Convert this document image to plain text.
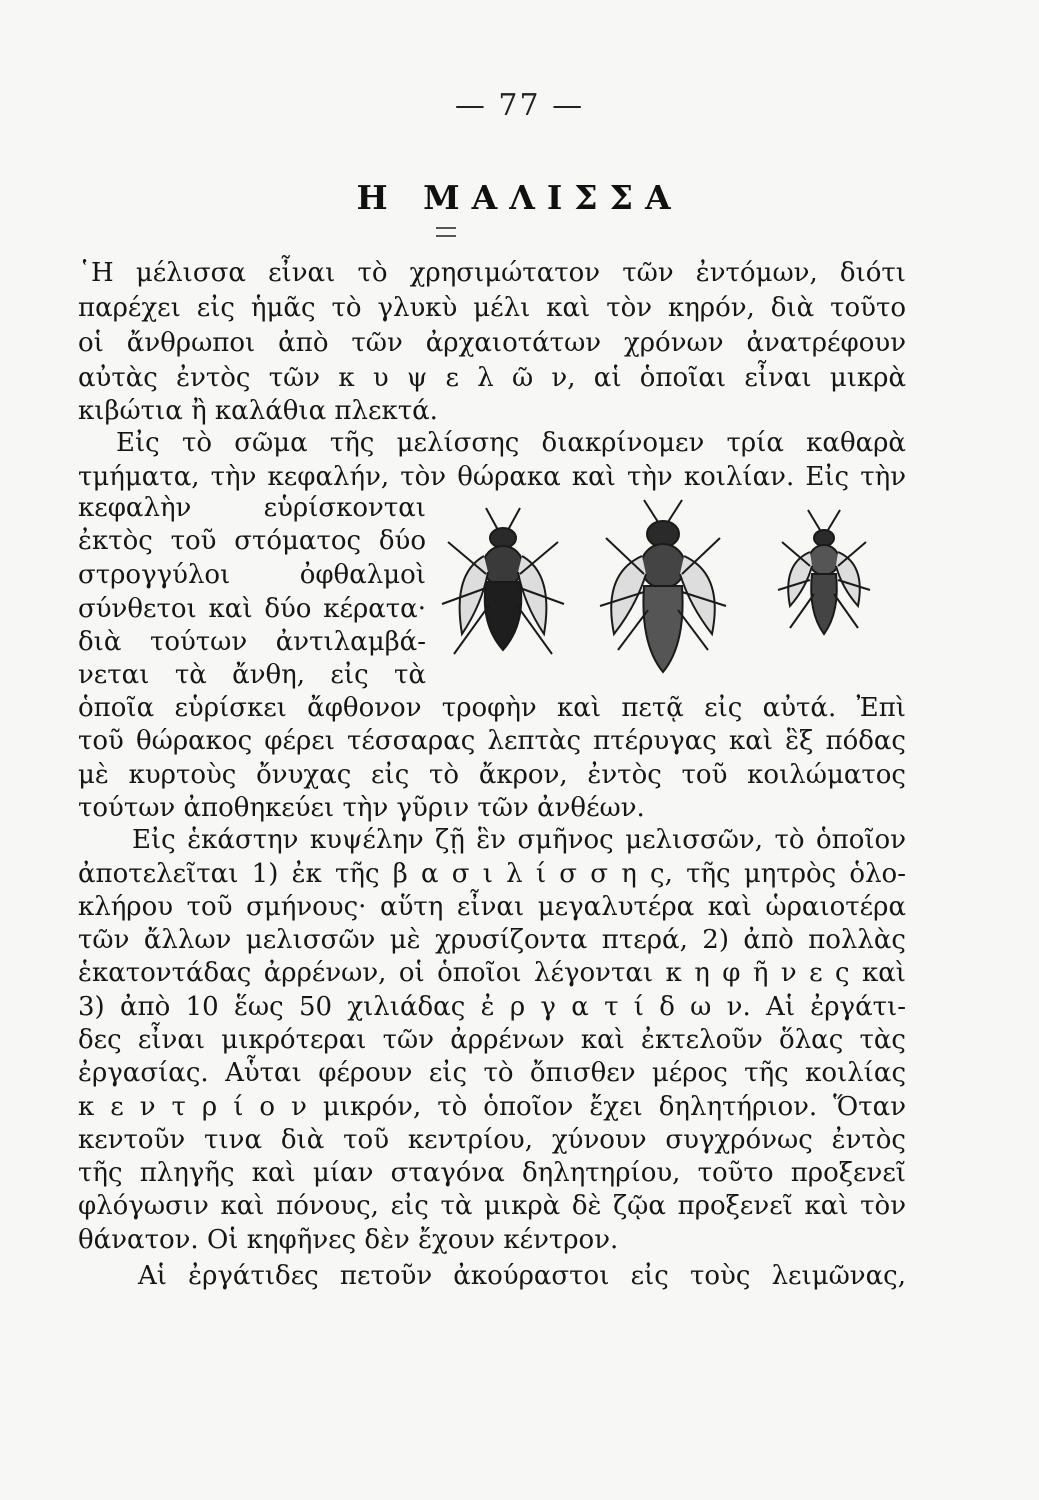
— 77 —
Η ΜΑΛΙΣΣΑ
῾Η μέλισσα εἶναι τὸ χρησιμώτατον τῶν ἐντόμων, διότι
παρέχει εἰς ἡμᾶς τὸ γλυκὺ μέλι καὶ τὸν κηρόν, διὰ τοῦτο
οἱ ἄνθρωποι ἀπὸ τῶν ἀρχαιοτάτων χρόνων ἀνατρέφουν
αὐτὰς ἐντὸς τῶν κ υ ψ ε λ ῶ ν, αἱ ὁποῖαι εἶναι μικρὰ
κιβώτια ἢ καλάθια πλεκτά.
Εἰς τὸ σῶμα τῆς μελίσσης διακρίνομεν τρία καθαρὰ
τμήματα, τὴν κεφαλήν, τὸν θώρακα καὶ τὴν κοιλίαν. Εἰς τὴν
κεφαλὴν εὑρίσκονται
ἐκτὸς τοῦ στόματος δύο
στρογγύλοι ὀφθαλμοὶ
σύνθετοι καὶ δύο κέρατα·
διὰ τούτων ἀντιλαμβά-
νεται τὰ ἄνθη, εἰς τὰ
ὁποῖα εὑρίσκει ἄφθονον τροφὴν καὶ πετᾷ εἰς αὐτά. Ἐπὶ
τοῦ θώρακος φέρει τέσσαρας λεπτὰς πτέρυγας καὶ ἓξ πόδας
μὲ κυρτοὺς ὄνυχας εἰς τὸ ἄκρον, ἐντὸς τοῦ κοιλώματος
τούτων ἀποθηκεύει τὴν γῦριν τῶν ἀνθέων.
Εἰς ἑκάστην κυψέλην ζῇ ἓν σμῆνος μελισσῶν, τὸ ὁποῖον
ἀποτελεῖται 1) ἐκ τῆς β α σ ι λ ί σ σ η ς, τῆς μητρὸς ὁλο-
κλήρου τοῦ σμήνους· αὕτη εἶναι μεγαλυτέρα καὶ ὡραιοτέρα
τῶν ἄλλων μελισσῶν μὲ χρυσίζοντα πτερά, 2) ἀπὸ πολλὰς
ἑκατοντάδας ἀρρένων, οἱ ὁποῖοι λέγονται κ η φ ῆ ν ε ς καὶ
3) ἀπὸ 10 ἕως 50 χιλιάδας ἐ ρ γ α τ ί δ ω ν. Αἱ ἐργάτι-
δες εἶναι μικρότεραι τῶν ἀρρένων καὶ ἐκτελοῦν ὅλας τὰς
ἐργασίας. Αὗται φέρουν εἰς τὸ ὄπισθεν μέρος τῆς κοιλίας
κ ε ν τ ρ ί ο ν μικρόν, τὸ ὁποῖον ἔχει δηλητήριον. Ὅταν
κεντοῦν τινα διὰ τοῦ κεντρίου, χύνουν συγχρόνως ἐντὸς
τῆς πληγῆς καὶ μίαν σταγόνα δηλητηρίου, τοῦτο προξενεῖ
φλόγωσιν καὶ πόνους, εἰς τὰ μικρὰ δὲ ζῷα προξενεῖ καὶ τὸν
θάνατον. Οἱ κηφῆνες δὲν ἔχουν κέντρον.
Αἱ ἐργάτιδες πετοῦν ἀκούραστοι εἰς τοὺς λειμῶνας,
